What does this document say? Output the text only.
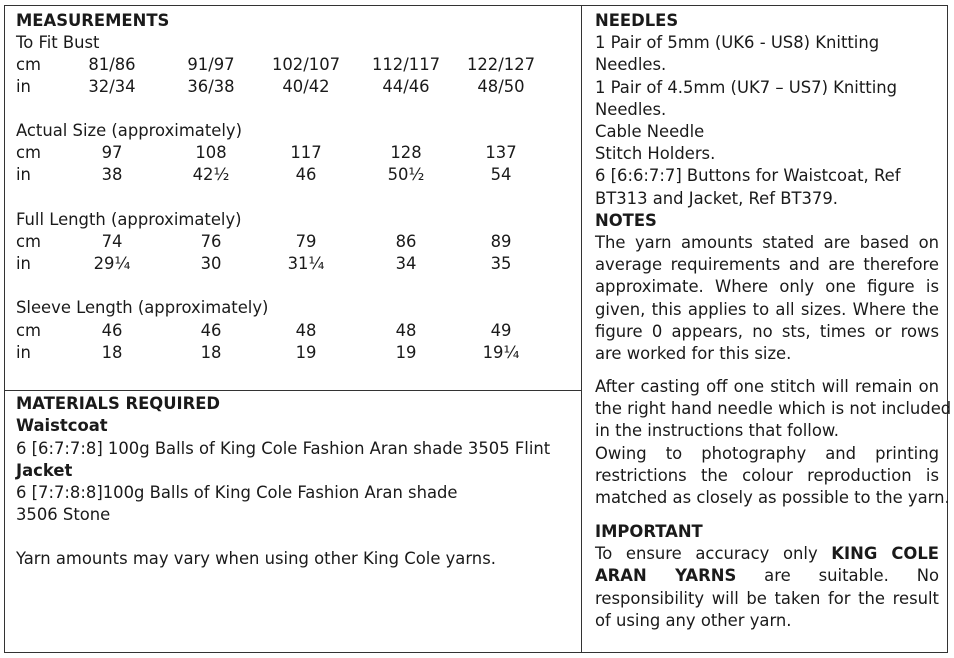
MEASUREMENTS
To Fit Bust
cm	81/86	91/97	102/107	112/117	122/127
in	32/34	36/38	40/42	44/46	48/50
Actual Size (approximately)
cm	97	108	117	128	137
in	38	42½	46	50½	54
Full Length (approximately)
cm	74	76	79	86	89
in	29¼	30	31¼	34	35
Sleeve Length (approximately)
cm	46	46	48	48	49
in	18	18	19	19	19¼
MATERIALS REQUIRED
Waistcoat
6 [6:7:7:8] 100g Balls of King Cole Fashion Aran shade 3505 Flint
Jacket
6 [7:7:8:8]100g Balls of King Cole Fashion Aran shade
3506 Stone
Yarn amounts may vary when using other King Cole yarns.
NEEDLES
1 Pair of 5mm (UK6 - US8) Knitting
Needles.
1 Pair of 4.5mm (UK7 – US7) Knitting
Needles.
Cable Needle
Stitch Holders.
6 [6:6:7:7] Buttons for Waistcoat, Ref
BT313 and Jacket, Ref BT379.
NOTES
The yarn amounts stated are based on
average requirements and are therefore
approximate. Where only one figure is
given, this applies to all sizes. Where the
figure 0 appears, no sts, times or rows
are worked for this size.
After casting off one stitch will remain on
the right hand needle which is not included
in the instructions that follow.
Owing to photography and printing
restrictions the colour reproduction is
matched as closely as possible to the yarn.
IMPORTANT
To ensure accuracy only KING COLE
ARAN YARNS are suitable. No
responsibility will be taken for the result
of using any other yarn.
